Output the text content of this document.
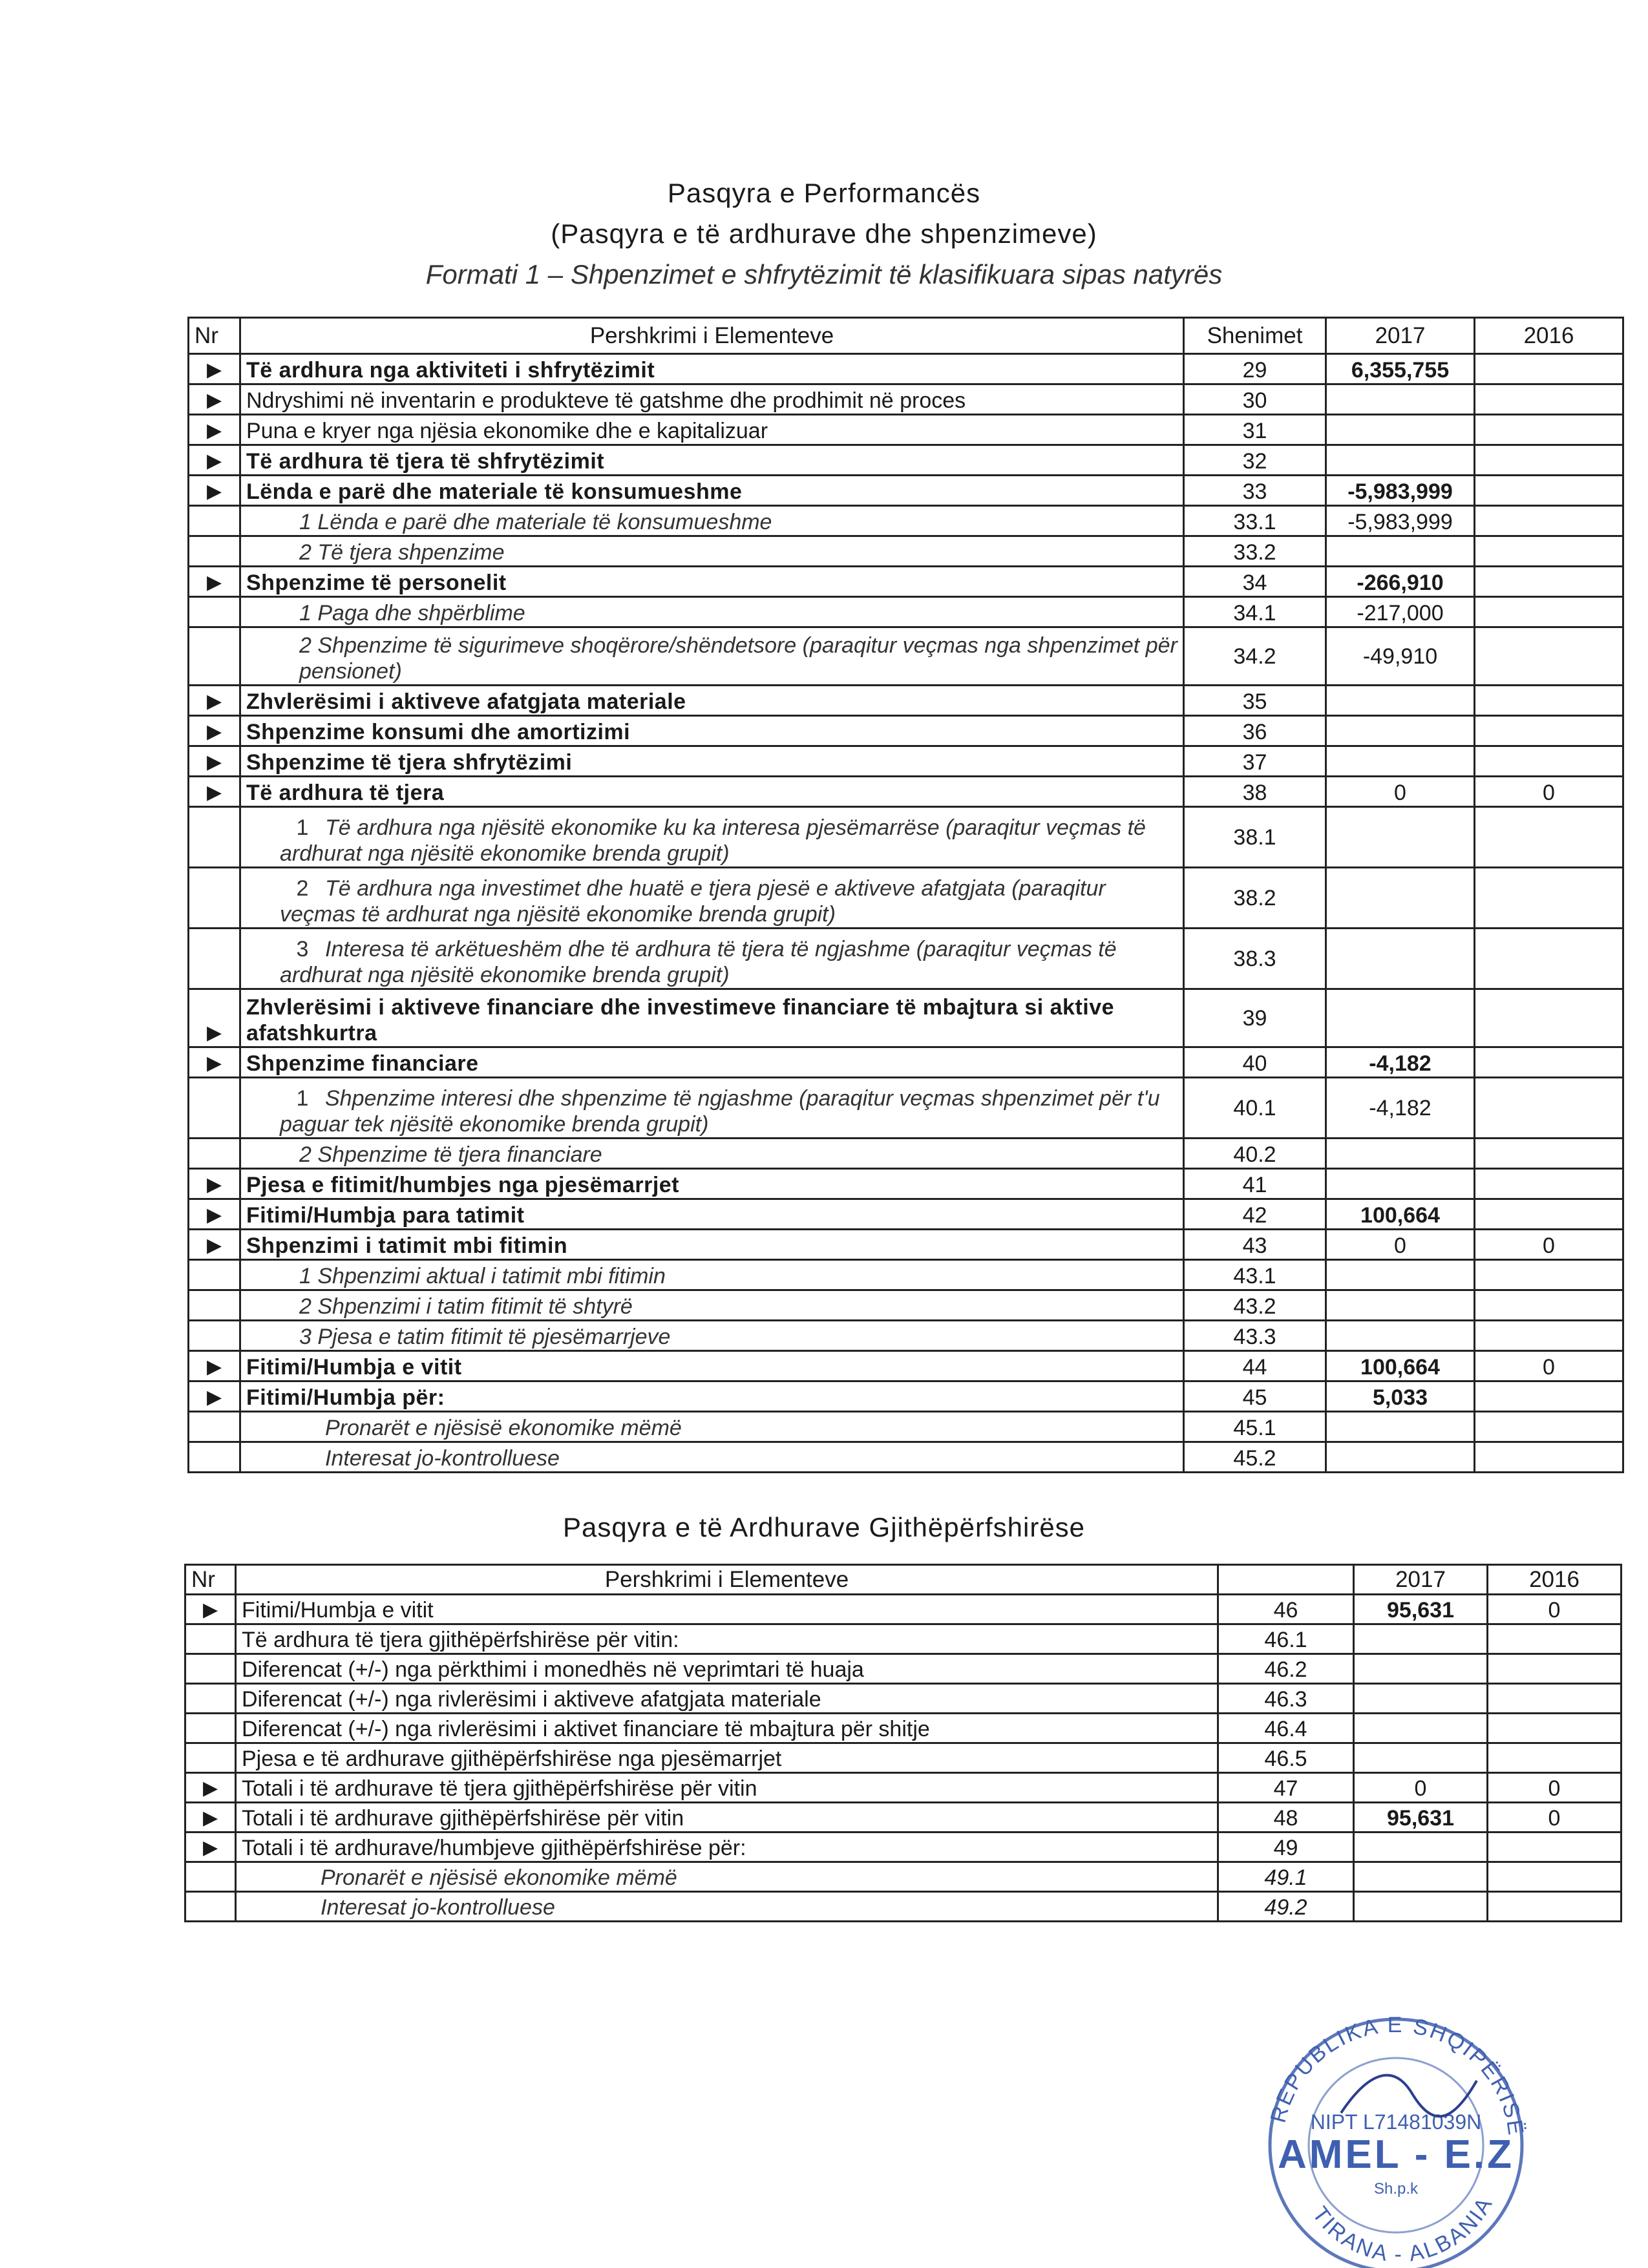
Pasqyra e Performancës
(Pasqyra e të ardhurave dhe shpenzimeve)
Formati 1 – Shpenzimet e shfrytëzimit të klasifikuara sipas natyrës
Nr	Pershkrimi i Elementeve	Shenimet	2017	2016
▶	Të ardhura nga aktiviteti i shfrytëzimit	29	6,355,755	
▶	Ndryshimi në inventarin e produkteve të gatshme dhe prodhimit në proces	30		
▶	Puna e kryer nga njësia ekonomike dhe e kapitalizuar	31		
▶	Të ardhura të tjera të shfrytëzimit	32		
▶	Lënda e parë dhe materiale të konsumueshme	33	-5,983,999	
	1 Lënda e parë dhe materiale të konsumueshme	33.1	-5,983,999	
	2 Të tjera shpenzime	33.2		
▶	Shpenzime të personelit	34	-266,910	
	1 Paga dhe shpërblime	34.1	-217,000	
	2 Shpenzime të sigurimeve shoqërore/shëndetsore (paraqitur veçmas nga shpenzimet për pensionet)	34.2	-49,910	
▶	Zhvlerësimi i aktiveve afatgjata materiale	35		
▶	Shpenzime konsumi dhe amortizimi	36		
▶	Shpenzime të tjera shfrytëzimi	37		
▶	Të ardhura të tjera	38	0	0
	1 Të ardhura nga njësitë ekonomike ku ka interesa pjesëmarrëse (paraqitur veçmas të ardhurat nga njësitë ekonomike brenda grupit)	38.1		
	2 Të ardhura nga investimet dhe huatë e tjera pjesë e aktiveve afatgjata (paraqitur veçmas të ardhurat nga njësitë ekonomike brenda grupit)	38.2		
	3 Interesa të arkëtueshëm dhe të ardhura të tjera të ngjashme (paraqitur veçmas të ardhurat nga njësitë ekonomike brenda grupit)	38.3		
▶	Zhvlerësimi i aktiveve financiare dhe investimeve financiare të mbajtura si aktive afatshkurtra	39		
▶	Shpenzime financiare	40	-4,182	
	1 Shpenzime interesi dhe shpenzime të ngjashme (paraqitur veçmas shpenzimet për t'u paguar tek njësitë ekonomike brenda grupit)	40.1	-4,182	
	2 Shpenzime të tjera financiare	40.2		
▶	Pjesa e fitimit/humbjes nga pjesëmarrjet	41		
▶	Fitimi/Humbja para tatimit	42	100,664	
▶	Shpenzimi i tatimit mbi fitimin	43	0	0
	1 Shpenzimi aktual i tatimit mbi fitimin	43.1		
	2 Shpenzimi i tatim fitimit të shtyrë	43.2		
	3 Pjesa e tatim fitimit të pjesëmarrjeve	43.3		
▶	Fitimi/Humbja e vitit	44	100,664	0
▶	Fitimi/Humbja për:	45	5,033	
	Pronarët e njësisë ekonomike mëmë	45.1		
	Interesat jo-kontrolluese	45.2		
Pasqyra e të Ardhurave Gjithëpërfshirëse
Nr	Pershkrimi i Elementeve		2017	2016
▶	Fitimi/Humbja e vitit	46	95,631	0
	Të ardhura të tjera gjithëpërfshirëse për vitin:	46.1		
	Diferencat (+/-) nga përkthimi i monedhës në veprimtari të huaja	46.2		
	Diferencat (+/-) nga rivlerësimi i aktiveve afatgjata materiale	46.3		
	Diferencat (+/-) nga rivlerësimi i aktivet financiare të mbajtura për shitje	46.4		
	Pjesa e të ardhurave gjithëpërfshirëse nga pjesëmarrjet	46.5		
▶	Totali i të ardhurave të tjera gjithëpërfshirëse për vitin	47	0	0
▶	Totali i të ardhurave gjithëpërfshirëse për vitin	48	95,631	0
▶	Totali i të ardhurave/humbjeve gjithëpërfshirëse për:	49		
	Pronarët e njësisë ekonomike mëmë	49.1		
	Interesat jo-kontrolluese	49.2		
REPUBLIKA E SHQIPËRISË
NIPT L71481039N
AMEL - E.Z
Sh.p.k
TIRANA - ALBANIA
